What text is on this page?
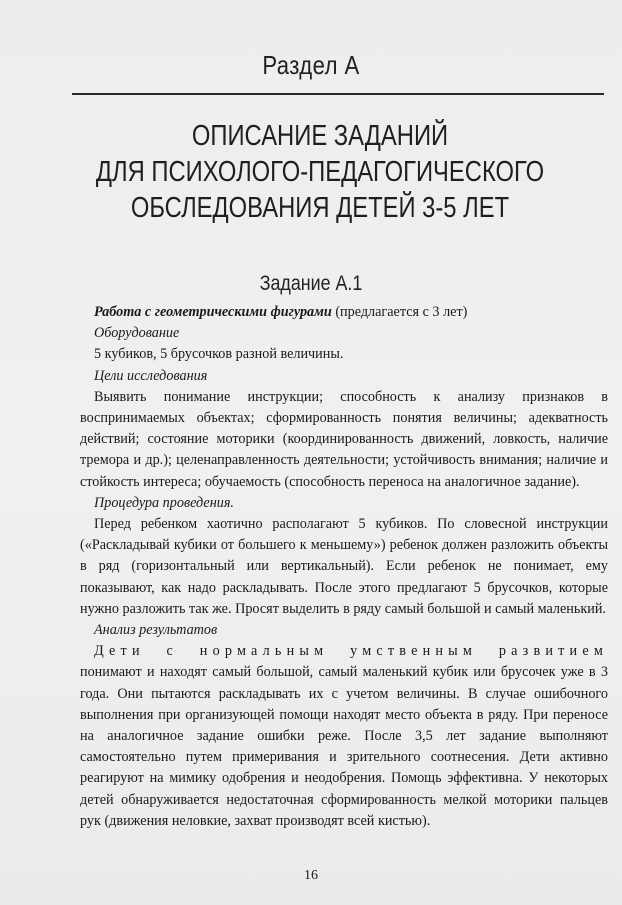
Раздел А
ОПИСАНИЕ ЗАДАНИЙ
ДЛЯ ПСИХОЛОГО-ПЕДАГОГИЧЕСКОГО
ОБСЛЕДОВАНИЯ ДЕТЕЙ 3-5 ЛЕТ
Задание А.1

Работа с геометрическими фигурами (предлагается с 3 лет)

Оборудование

5 кубиков, 5 брусочков разной величины.

Цели исследования

Выявить понимание инструкции; способность к анализу признаков в воспринимаемых объектах; сформированность понятия величины; адекватность действий; состояние моторики (координированность движений, ловкость, наличие тремора и др.); целенаправленность деятельности; устойчивость внимания; наличие и стойкость интереса; обучаемость (способность переноса на аналогичное задание).

Процедура проведения.

Перед ребенком хаотично располагают 5 кубиков. По словесной инструкции («Раскладывай кубики от большего к меньшему») ребенок должен разложить объекты в ряд (горизонтальный или вертикальный). Если ребенок не понимает, ему показывают, как надо раскладывать. После этого предлагают 5 брусочков, которые нужно разложить так же. Просят выделить в ряду самый большой и самый маленький.

Анализ результатов

Дети с нормальным умственным развитием понимают и находят самый большой, самый маленький кубик или брусочек уже в 3 года. Они пытаются раскладывать их с учетом величины. В случае ошибочного выполнения при организующей помощи находят место объекта в ряду. При переносе на аналогичное задание ошибки реже. После 3,5 лет задание выполняют самостоятельно путем примеривания и зрительного соотнесения. Дети активно реагируют на мимику одобрения и неодобрения. Помощь эффективна. У некоторых детей обнаруживается недостаточная сформированность мелкой моторики пальцев рук (движения неловкие, захват производят всей кистью).

16
